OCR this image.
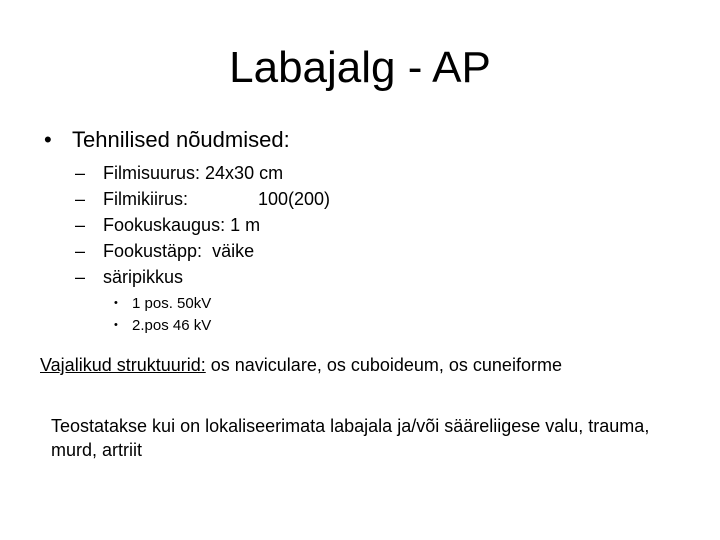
Labajalg - AP
• Tehnilised nõudmised:
– Filmisuurus: 24x30 cm
– Filmikiirus:	100(200)
– Fookuskaugus: 1 m
– Fookustäpp: väike
– säripikkus
• 1 pos. 50kV
• 2.pos 46 kV
Vajalikud struktuurid: os naviculare, os cuboideum, os cuneiforme
Teostatakse kui on lokaliseerimata labajala ja/või sääreliigese valu, trauma, murd, artriit
